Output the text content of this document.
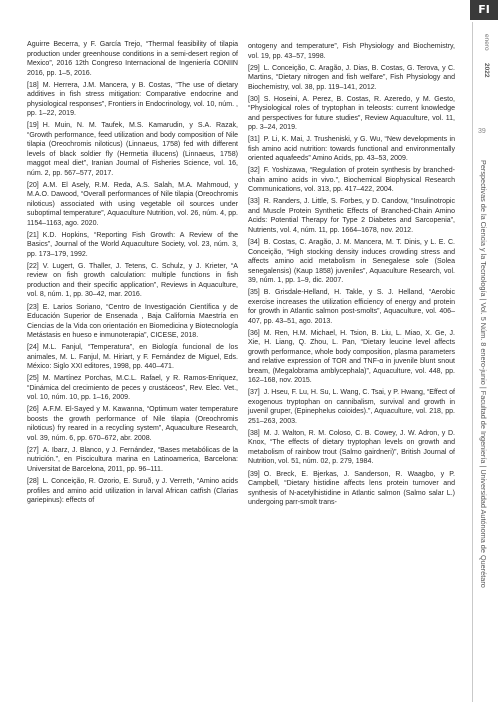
Aguirre Becerra, y F. García Trejo, “Thermal feasibility of tilapia production under greenhouse conditions in a semi-desert region of Mexico”, 2016 12th Congreso Internacional de Ingeniería CONIIN 2016, pp. 1–5, 2016.

[18] M. Herrera, J.M. Mancera, y B. Costas, “The use of dietary additives in fish stress mitigation: Comparative endocrine and physiological responses”, Frontiers in Endocrinology, vol. 10, núm. , pp. 1–22, 2019.

[19] H. Muin, N. M. Taufek, M.S. Kamarudin, y S.A. Razak, “Growth performance, feed utilization and body composition of Nile tilapia (Oreochromis niloticus) (Linnaeus, 1758) fed with different levels of black soldier fly (Hermetia illucens) (Linnaeus, 1758) maggot meal diet”, Iranian Journal of Fisheries Science, vol. 16, núm. 2, pp. 567–577, 2017.

[20] A.M. El Asely, R.M. Reda, A.S. Salah, M.A. Mahmoud, y M.A.O. Dawood, “Overall performances of Nile tilapia (Oreochromis niloticus) associated with using vegetable oil sources under suboptimal temperature”, Aquaculture Nutrition, vol. 26, núm. 4, pp. 1154–1163, ago. 2020.

[21] K.D. Hopkins, “Reporting Fish Growth: A Review of the Basics”, Journal of the World Aquaculture Society, vol. 23, núm. 3, pp. 173–179, 1992.

[22] V. Lugert, G. Thaller, J. Tetens, C. Schulz, y J. Krieter, “A review on fish growth calculation: multiple functions in fish production and their specific application”, Reviews in Aquaculture, vol. 8, núm. 1, pp. 30–42, mar. 2016.

[23] E. Larios Soriano, “Centro de Investigación Científica y de Educación Superior de Ensenada , Baja California Maestría en Ciencias de la Vida con orientación en Biomedicina y Biotecnología Metástasis en hueso e inmunoterapia”, CICESE, 2018.

[24] M.L. Fanjul, “Temperatura”, en Biología funcional de los animales, M. L. Fanjul, M. Hiriart, y F. Fernández de Miguel, Eds. México: Siglo XXI editores, 1998, pp. 440–471.

[25] M. Martínez Porchas, M.C.L. Rafael, y R. Ramos-Enriquez, “Dinámica del crecimiento de peces y crustáceos”, Rev. Elec. Vet., vol. 10, núm. 10, pp. 1–16, 2009.

[26] A.F.M. El-Sayed y M. Kawanna, “Optimum water temperature boosts the growth performance of Nile tilapia (Oreochromis niloticus) fry reared in a recycling system”, Aquaculture Research, vol. 39, núm. 6, pp. 670–672, abr. 2008.

[27] A. Ibarz, J. Blanco, y J. Fernández, “Bases metabólicas de la nutrición.”, en Piscicultura marina en Latinoamerica, Barcelona: Universitat de Barcelona, 2011, pp. 96–111.

[28] L. Conceição, R. Ozorio, E. Suruð, y J. Verreth, “Amino acids profiles and amino acid utilization in larval African catfish (Clarias gariepinus): effects of

ontogeny and temperature”, Fish Physiology and Biochemistry, vol. 19, pp. 43–57, 1998.

[29] L. Conceição, C. Aragão, J. Dias, B. Costas, G. Terova, y C. Martins, “Dietary nitrogen and fish welfare”, Fish Physiology and Biochemistry, vol. 38, pp. 119–141, 2012.

[30] S. Hoseini, A. Perez, B. Costas, R. Azeredo, y M. Gesto, “Physiological roles of tryptophan in teleosts: current knowledge and perspectives for future studies”, Review Aquaculture, vol. 11, pp. 3–24, 2019.

[31] P. Li, K. Mai, J. Trusheniski, y G. Wu, “New developments in fish amino acid nutrition: towards functional and environmentally oriented aquafeeds” Amino Acids, pp. 43–53, 2009.

[32] F. Yoshizawa, “Regulation of protein synthesis by branched-chain amino acids in vivo.”, Biochemical Biophysical Research Communications, vol. 313, pp. 417–422, 2004.

[33] R. Randers, J. Little, S. Forbes, y D. Candow, “Insulinotropic and Muscle Protein Synthetic Effects of Branched-Chain Amino Acids: Potential Therapy for Type 2 Diabetes and Sarcopenia”, Nutrients, vol. 4, núm. 11, pp. 1664–1678, nov. 2012.

[34] B. Costas, C. Aragão, J. M. Mancera, M. T. Dinis, y L. E. C. Conceição, “High stocking density induces crowding stress and affects amino acid metabolism in Senegalese sole (Solea senegalensis) (Kaup 1858) juveniles”, Aquaculture Research, vol. 39, núm. 1, pp. 1–9, dic. 2007.

[35] B. Grisdale-Helland, H. Takle, y S. J. Helland, “Aerobic exercise increases the utilization efficiency of energy and protein for growth in Atlantic salmon post-smolts”, Aquaculture, vol. 406–407, pp. 43–51, ago. 2013.

[36] M. Ren, H.M. Michael, H. Tsion, B. Liu, L. Miao, X. Ge, J. Xie, H. Liang, Q. Zhou, L. Pan, “Dietary leucine level affects growth performance, whole body composition, plasma parameters and relative expression of TOR and TNF-α in juvenile blunt snout bream, (Megalobrama amblycephala)”, Aquaculture, vol. 448, pp. 162–168, nov. 2015.

[37] J. Hseu, F. Lu, H. Su, L. Wang, C. Tsai, y P. Hwang, “Effect of exogenous tryptophan on cannibalism, survival and growth in juvenil gruper, (Epinephelus coioides).”, Aquaculture, vol. 218, pp. 251–263, 2003.

[38] M. J. Walton, R. M. Coloso, C. B. Cowey, J. W. Adron, y D. Knox, “The effects of dietary tryptophan levels on growth and metabolism of rainbow trout (Salmo gairdneri)”, British Journal of Nutrition, vol. 51, núm. 02, p. 279, 1984.

[39] O. Breck, E. Bjerkas, J. Sanderson, R. Waagbo, y P. Campbell, “Dietary histidine affects lens protein turnover and synthesis of N-acetylhistidine in Atlantic salmon (Salmo salar L.) undergoing parr-smolt trans-

FI
enero
2022
39
Perspectivas de la Ciencia y la Tecnología | Vol. 5 Núm. 8 enero-junio | Facultad de Ingeniería | Universidad Autónoma de Querétaro
